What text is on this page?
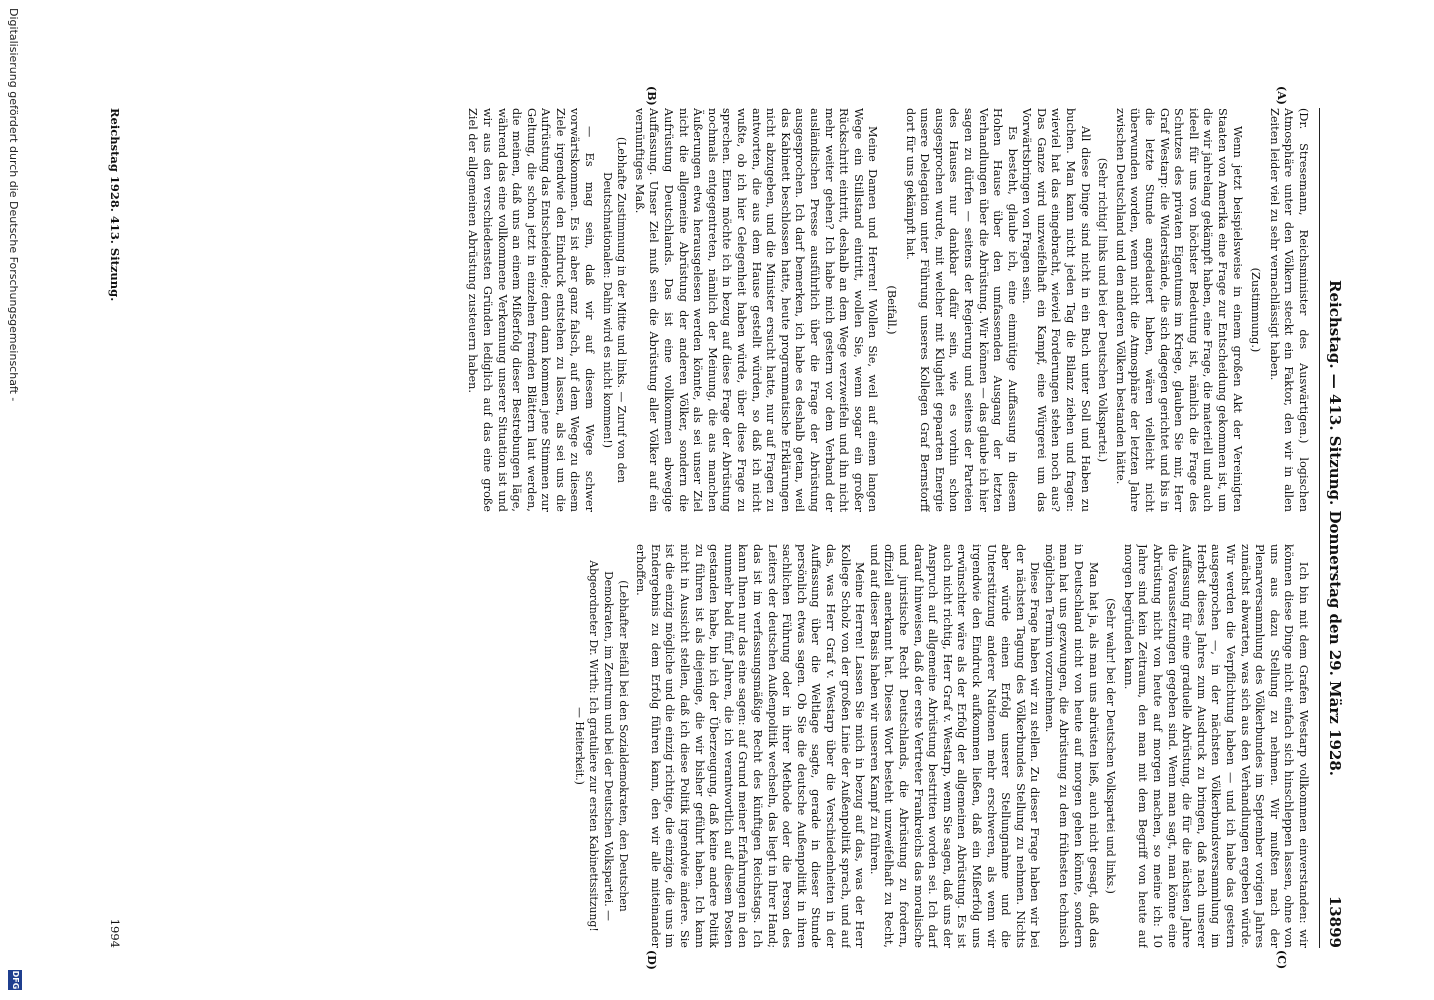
Reichstag. — 413. Sitzung. Donnerstag den 29. März 1928.
13899

(Dr. Stresemann, Reichsminister des Auswärtigen.) logischen Atmosphäre unter den Völkern steckt ein Faktor, den wir in allen Zeiten leider viel zu sehr vernachlässigt haben.

(Zustimmung.)

Wenn jetzt beispielsweise in einem großen Akt der Vereinigten Staaten von Amerika eine Frage zur Entscheidung gekommen ist, um die wir jahrelang gekämpft haben, eine Frage, die materiell und auch ideell für uns von höchster Bedeutung ist, nämlich die Frage des Schutzes des privaten Eigentums im Kriege, glauben Sie mir, Herr Graf Westarp: die Widerstände, die sich dagegen gerichtet und bis in die letzte Stunde angedauert haben, wären vielleicht nicht überwunden worden, wenn nicht die Atmosphäre der letzten Jahre zwischen Deutschland und den anderen Völkern bestanden hätte.

(Sehr richtig! links und bei der Deutschen Volkspartei.)

All diese Dinge sind nicht in ein Buch unter Soll und Haben zu buchen. Man kann nicht jeden Tag die Bilanz ziehen und fragen: wieviel hat das eingebracht, wieviel Forderungen stehen noch aus? Das Ganze wird unzweifelhaft ein Kampf, eine Würgerei um das Vorwärtsbringen von Fragen sein.

Es besteht, glaube ich, eine einmütige Auffassung in diesem Hohen Hause über den umfassenden Ausgang der letzten Verhandlungen über die Abrüstung. Wir können — das glaube ich hier sagen zu dürfen — seitens der Regierung und seitens der Parteien des Hauses nur dankbar dafür sein, wie es vorhin schon ausgesprochen wurde, mit welcher mit Klugheit gepaarten Energie unsere Delegation unter Führung unseres Kollegen Graf Bernstorff dort für uns gekämpft hat.

(Beifall.)

Meine Damen und Herren! Wollen Sie, weil auf einem langen Wege ein Stillstand eintritt, wollen Sie, wenn sogar ein großer Rückschritt eintritt, deshalb an dem Wege verzweifeln und ihn nicht mehr weiter gehen? Ich habe mich gestern vor dem Verband der ausländischen Presse ausführlich über die Frage der Abrüstung ausgesprochen. Ich darf bemerken, ich habe es deshalb getan, weil das Kabinett beschlossen hatte, heute programmatische Erklärungen nicht abzugeben, und die Minister ersucht hatte, nur auf Fragen zu antworten, die aus dem Hause gestellt würden, so daß ich nicht wußte, ob ich hier Gelegenheit haben würde, über diese Frage zu sprechen. Einen möchte ich in bezug auf diese Frage der Abrüstung nochmals entgegentreten, nämlich der Meinung, die aus manchen Äußerungen etwa herausgelesen werden könnte, als sei unser Ziel nicht die allgemeine Abrüstung der anderen Völker, sondern die Aufrüstung Deutschlands. Das ist eine vollkommen abwegige Auffassung. Unser Ziel muß sein die Abrüstung aller Völker auf ein vernünftiges Maß.

(Lebhafte Zustimmung in der Mitte und links. — Zuruf von den Deutschnationalen: Dahin wird es nicht kommen!)

— Es mag sein, daß wir auf diesem Wege schwer vorwärtskommen. Es ist aber ganz falsch, auf dem Wege zu diesem Ziele irgendwie den Eindruck entstehen zu lassen, als sei uns die Aufrüstung das Entscheidende; denn dann kommen jene Stimmen zur Geltung, die schon jetzt in einzelnen fremden Blättern laut werden, die meinen, daß uns an einem Mißerfolg dieser Bestrebungen läge, während das eine vollkommene Verkennung unserer Situation ist und wir aus den verschiedensten Gründen lediglich auf das eine große Ziel der allgemeinen Abrüstung zusteuern haben.

Ich bin mit dem Grafen Westarp vollkommen einverstanden: wir können diese Dinge nicht einfach sich hinschleppen lassen, ohne von uns aus dazu Stellung zu nehmen. Wir mußten nach der Plenarversammlung des Völkerbundes im September vorigen Jahres zunächst abwarten, was sich aus den Verhandlungen ergeben würde. Wir werden die Verpflichtung haben — und ich habe das gestern ausgesprochen —, in der nächsten Völkerbundsversammlung im Herbst dieses Jahres zum Ausdruck zu bringen, daß nach unserer Auffassung für eine graduelle Abrüstung, die für die nächsten Jahre die Voraussetzungen gegeben sind. Wenn man sagt, man könne eine Abrüstung nicht von heute auf morgen machen, so meine ich: 10 Jahre sind kein Zeitraum, den man mit dem Begriff von heute auf morgen begründen kann.

(Sehr wahr! bei der Deutschen Volkspartei und links.)

Man hat ja, als man uns abrüsten ließ, auch nicht gesagt, daß das in Deutschland nicht von heute auf morgen gehen könnte, sondern man hat uns gezwungen, die Abrüstung zu dem frühesten technisch möglichen Termin vorzunehmen.

Diese Frage haben wir zu stellen. Zu dieser Frage haben wir bei der nächsten Tagung des Völkerbundes Stellung zu nehmen. Nichts aber würde einen Erfolg unserer Stellungnahme und die Unterstützung anderer Nationen mehr erschweren, als wenn wir irgendwie den Eindruck aufkommen ließen, daß ein Mißerfolg uns erwünschter wäre als der Erfolg der allgemeinen Abrüstung. Es ist auch nicht richtig, Herr Graf v. Westarp, wenn Sie sagen, daß uns der Anspruch auf allgemeine Abrüstung bestritten worden sei. Ich darf darauf hinweisen, daß der erste Vertreter Frankreichs das moralische und juristische Recht Deutschlands, die Abrüstung zu fordern, offiziell anerkannt hat. Dieses Wort besteht unzweifelhaft zu Recht, und auf dieser Basis haben wir unseren Kampf zu führen.

Meine Herren! Lassen Sie mich in bezug auf das, was der Herr Kollege Scholz von der großen Linie der Außenpolitik sprach, und auf das, was Herr Graf v. Westarp über die Verschiedenheiten in der Auffassung über die Weltlage sagte, gerade in dieser Stunde persönlich etwas sagen. Ob Sie die deutsche Außenpolitik in ihren sachlichen Führung oder in ihrer Methode oder die Person des Leiters der deutschen Außenpolitik wechseln, das liegt in Ihrer Hand; das ist im verfassungsmäßige Recht des künftigen Reichstags. Ich kann Ihnen nur das eine sagen: auf Grund meiner Erfahrungen in den nunmehr bald fünf Jahren, die ich verantwortlich auf diesem Posten gestanden habe, bin ich der Überzeugung, daß keine andere Politik zu führen ist als diejenige, die wir bisher geführt haben. Ich kann nicht in Aussicht stellen, daß ich diese Politik irgendwie ändere. Sie ist die einzig mögliche und die einzig richtige, die einzige, die uns im Endergebnis zu dem Erfolg führen kann, den wir alle miteinander erhoffen.

(Lebhafter Beifall bei den Sozialdemokraten, den Deutschen Demokraten, im Zentrum und bei der Deutschen Volkspartei. — Abgeordneter Dr. Wirth: Ich gratuliere zur ersten Kabinettssitzung! — Heiterkeit.)

(A)
(B)
(C)
(D)
Reichstag 1928. 413. Sitzung.
1994
Digitalisierung gefördert durch die Deutsche Forschungsgemeinschaft -
DFG
